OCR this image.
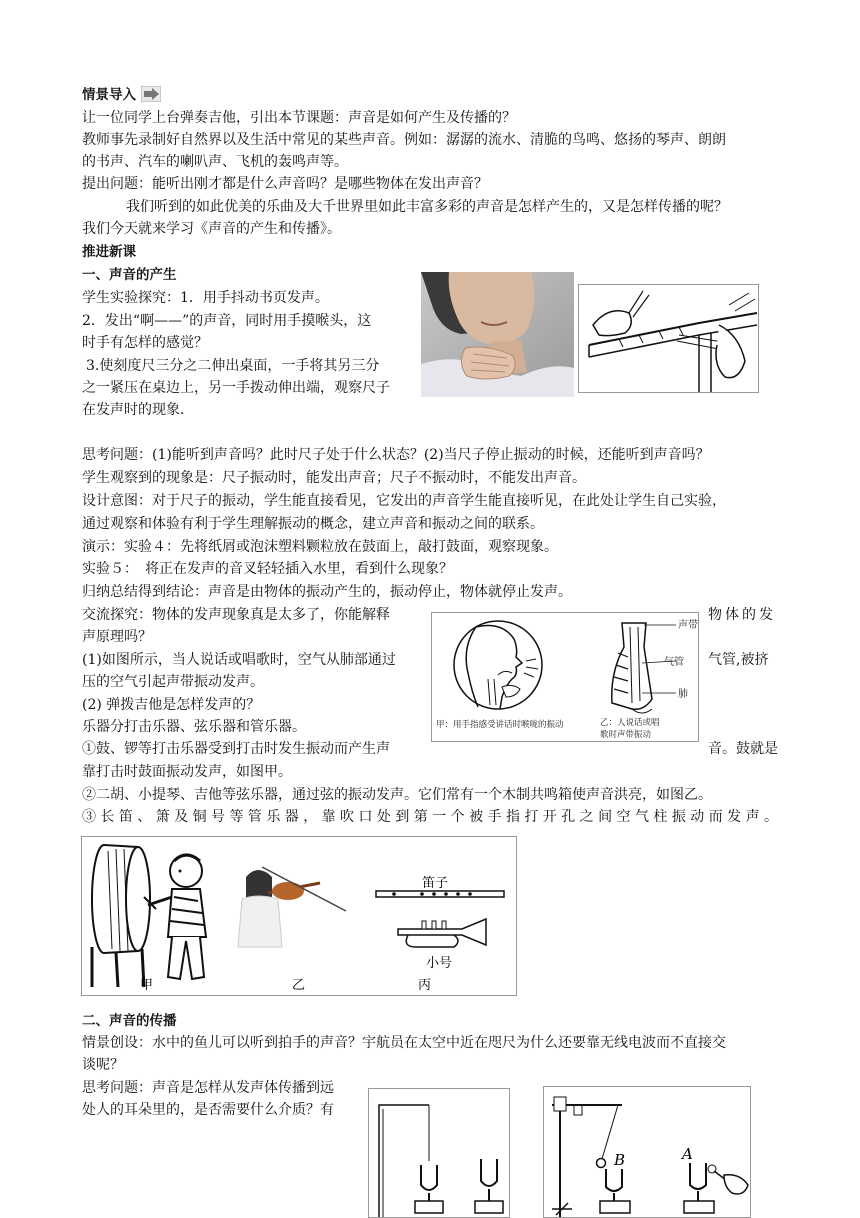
情景导入
让一位同学上台弹奏吉他，引出本节课题：声音是如何产生及传播的？
教师事先录制好自然界以及生活中常见的某些声音。例如：潺潺的流水、清脆的鸟鸣、悠扬的琴声、朗朗
的书声、汽车的喇叭声、飞机的轰鸣声等。
提出问题：能听出刚才都是什么声音吗？是哪些物体在发出声音？
我们听到的如此优美的乐曲及大千世界里如此丰富多彩的声音是怎样产生的，又是怎样传播的呢？
我们今天就来学习《声音的产生和传播》。
推进新课
一、声音的产生
学生实验探究：1．用手抖动书页发声。
2．发出“啊——”的声音，同时用手摸喉头，这
时手有怎样的感觉？
3.使刻度尺三分之二伸出桌面，一手将其另三分
之一紧压在桌边上，另一手拨动伸出端，观察尺子
在发声时的现象.
思考问题：(1)能听到声音吗？此时尺子处于什么状态？(2)当尺子停止振动的时候，还能听到声音吗？
学生观察到的现象是：尺子振动时，能发出声音；尺子不振动时，不能发出声音。
设计意图：对于尺子的振动，学生能直接看见，它发出的声音学生能直接听见，在此处让学生自己实验，
通过观察和体验有利于学生理解振动的概念，建立声音和振动之间的联系。
演示：实验４：先将纸屑或泡沫塑料颗粒放在鼓面上，敲打鼓面，观察现象。
实验５：　将正在发声的音叉轻轻插入水里，看到什么现象？
归纳总结得到结论：声音是由物体的振动产生的，振动停止，物体就停止发声。
交流探究：物体的发声现象真是太多了，你能解释	物体的发
声原理吗？
(1)如图所示，当人说话或唱歌时，空气从肺部通过	气管,被挤
压的空气引起声带振动发声。
(2) 弹拨吉他是怎样发声的？
乐器分打击乐器、弦乐器和管乐器。
①鼓、锣等打击乐器受到打击时发生振动而产生声	音。鼓就是
靠打击时鼓面振动发声，如图甲。
②二胡、小提琴、吉他等弦乐器，通过弦的振动发声。它们常有一个木制共鸣箱使声音洪亮，如图乙。
③长笛、箫及铜号等管乐器，靠吹口处到第一个被手指打开孔之间空气柱振动而发声。
声带
气管
肺
甲：用手指感受讲话时喉咙的振动	乙：人说话或唱
歌时声带振动
笛子
小号
甲	乙	丙
二、声音的传播
情景创设：水中的鱼儿可以听到拍手的声音？宇航员在太空中近在咫尺为什么还要靠无线电波而不直接交
谈呢？
思考问题：声音是怎样从发声体传播到远
处人的耳朵里的，是否需要什么介质？有
B	A
